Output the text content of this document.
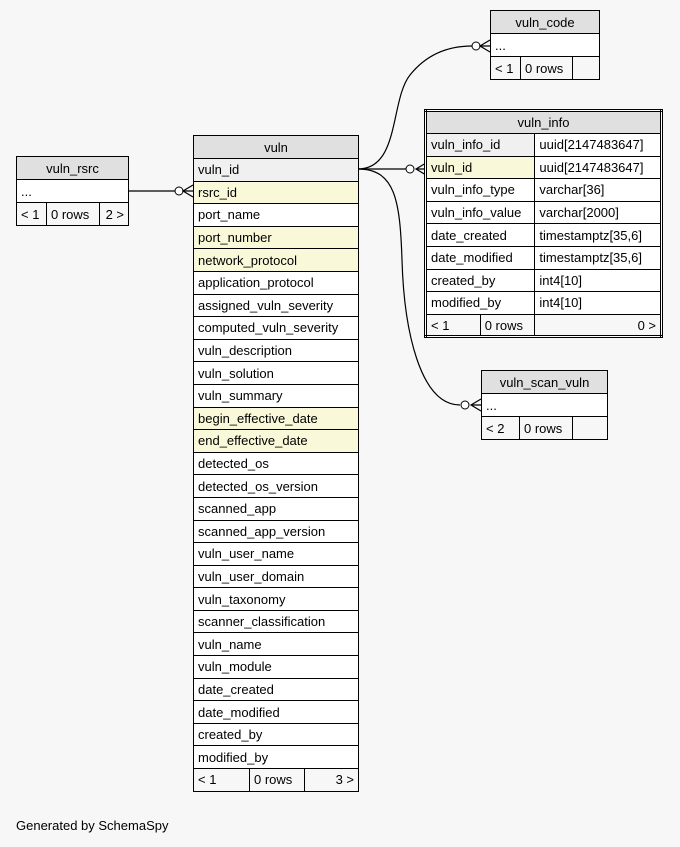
vuln_code
...
< 1	0 rows	
vuln_rsrc
...
< 1	0 rows	2 >
vuln
vuln_id
rsrc_id
port_name
port_number
network_protocol
application_protocol
assigned_vuln_severity
computed_vuln_severity
vuln_description
vuln_solution
vuln_summary
begin_effective_date
end_effective_date
detected_os
detected_os_version
scanned_app
scanned_app_version
vuln_user_name
vuln_user_domain
vuln_taxonomy
scanner_classification
vuln_name
vuln_module
date_created
date_modified
created_by
modified_by
< 1	0 rows	3 >
vuln_info		
vuln_info_id		uuid[2147483647]
vuln_id		uuid[2147483647]
vuln_info_type		varchar[36]
vuln_info_value		varchar[2000]
date_created		timestamptz[35,6]
date_modified		timestamptz[35,6]
created_by		int4[10]
modified_by		int4[10]
< 1	0 rows	0 >
vuln_scan_vuln
...
< 2	0 rows	
Generated by SchemaSpy
